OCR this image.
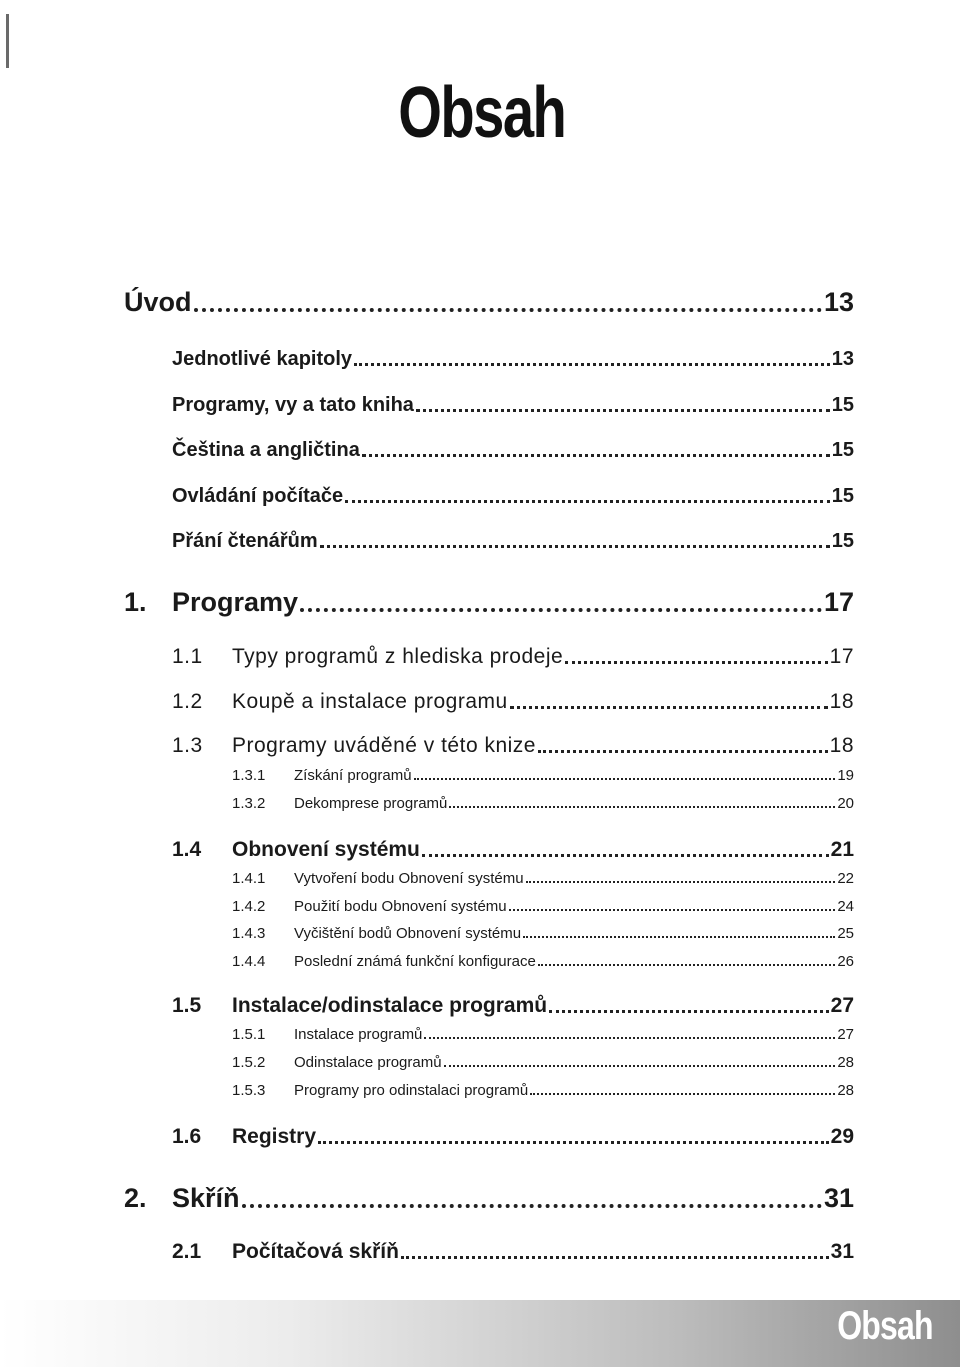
Obsah
Úvod	13
Jednotlivé kapitoly	13
Programy, vy a tato kniha	15
Čeština a angličtina	15
Ovládání počítače	15
Přání čtenářům	15
1. Programy	17
1.1	Typy programů z hlediska prodeje	17
1.2	Koupě a instalace programu	18
1.3	Programy uváděné v této knize	18
1.3.1	Získání programů	19
1.3.2	Dekomprese programů	20
1.4	Obnovení systému	21
1.4.1	Vytvoření bodu Obnovení systému	22
1.4.2	Použití bodu Obnovení systému	24
1.4.3	Vyčištění bodů Obnovení systému	25
1.4.4	Poslední známá funkční konfigurace	26
1.5	Instalace/odinstalace programů	27
1.5.1	Instalace programů	27
1.5.2	Odinstalace programů	28
1.5.3	Programy pro odinstalaci programů	28
1.6	Registry	29
2. Skříň	31
2.1	Počítačová skříň	31
Obsah
